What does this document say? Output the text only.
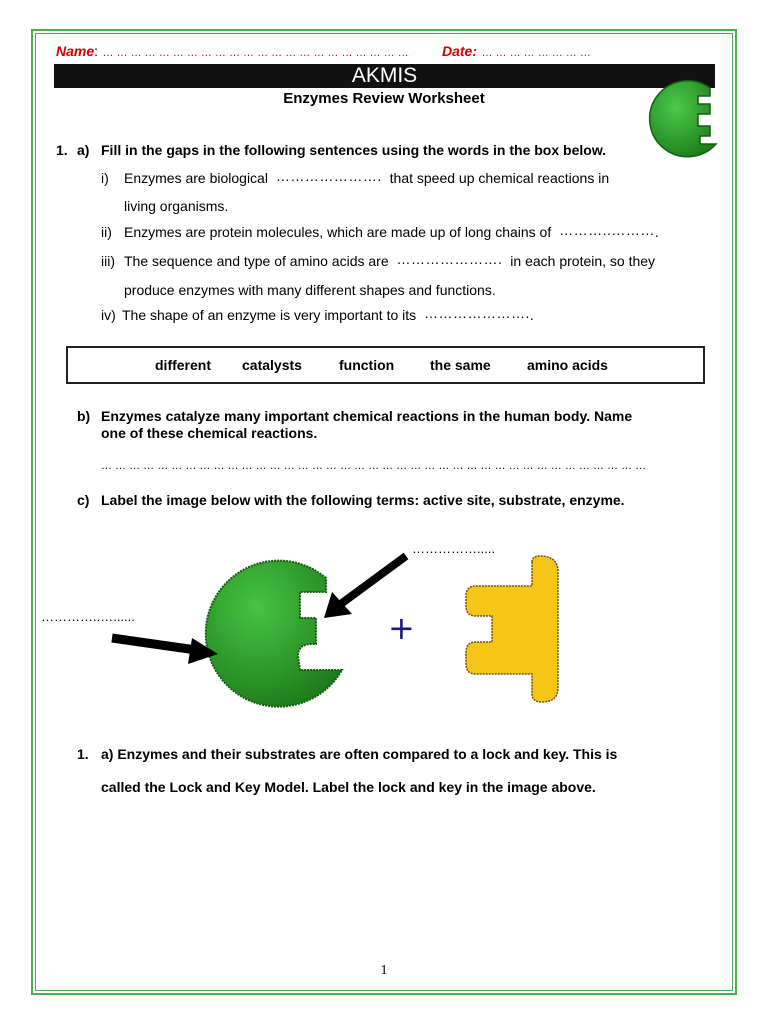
Name: … … … … … … … … … … … … … … … … … … … … … … Date: … … … … … … … …
AKMIS
Enzymes Review Worksheet
1. a) Fill in the gaps in the following sentences using the words in the box below.
i) Enzymes are biological …………………. that speed up chemical reactions in
living organisms.
ii) Enzymes are protein molecules, which are made up of long chains of ………..……….
iii) The sequence and type of amino acids are …………………. in each protein, so they
produce enzymes with many different shapes and functions.
iv) The shape of an enzyme is very important to its …………………..
different catalysts	function	the same	amino acids
b) Enzymes catalyze many important chemical reactions in the human body. Name
one of these chemical reactions.
… … … … … … … … … … … … … … … … … … … … … … … … … … … … … … … … … … … … … … …
c) Label the image below with the following terms: active site, substrate, enzyme.
…………….....
…………..…......	+
1. a) Enzymes and their substrates are often compared to a lock and key. This is
called the Lock and Key Model. Label the lock and key in the image above.
1
